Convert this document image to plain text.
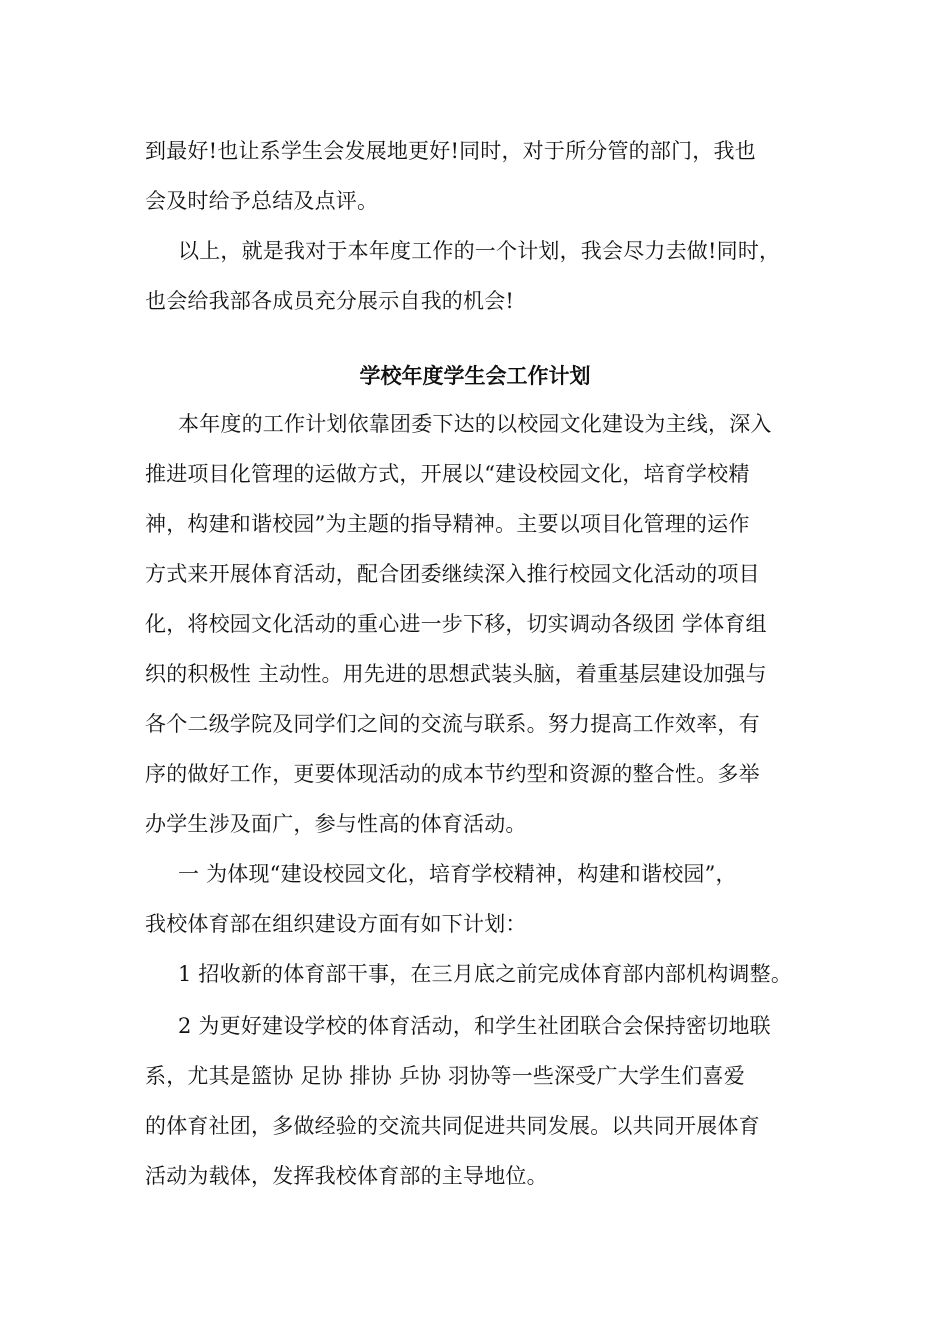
到最好!也让系学生会发展地更好!同时，对于所分管的部门，我也
会及时给予总结及点评。
以上，就是我对于本年度工作的一个计划，我会尽力去做!同时，
也会给我部各成员充分展示自我的机会!
学校年度学生会工作计划
本年度的工作计划依靠团委下达的以校园文化建设为主线，深入
推进项目化管理的运做方式，开展以“建设校园文化，培育学校精
神，构建和谐校园”为主题的指导精神。主要以项目化管理的运作
方式来开展体育活动，配合团委继续深入推行校园文化活动的项目
化，将校园文化活动的重心进一步下移，切实调动各级团 学体育组
织的积极性 主动性。用先进的思想武装头脑，着重基层建设加强与
各个二级学院及同学们之间的交流与联系。努力提高工作效率，有
序的做好工作，更要体现活动的成本节约型和资源的整合性。多举
办学生涉及面广，参与性高的体育活动。
一 为体现“建设校园文化，培育学校精神，构建和谐校园”，
我校体育部在组织建设方面有如下计划：
1 招收新的体育部干事，在三月底之前完成体育部内部机构调整。
2 为更好建设学校的体育活动，和学生社团联合会保持密切地联
系，尤其是篮协 足协 排协 乒协 羽协等一些深受广大学生们喜爱
的体育社团，多做经验的交流共同促进共同发展。以共同开展体育
活动为载体，发挥我校体育部的主导地位。
